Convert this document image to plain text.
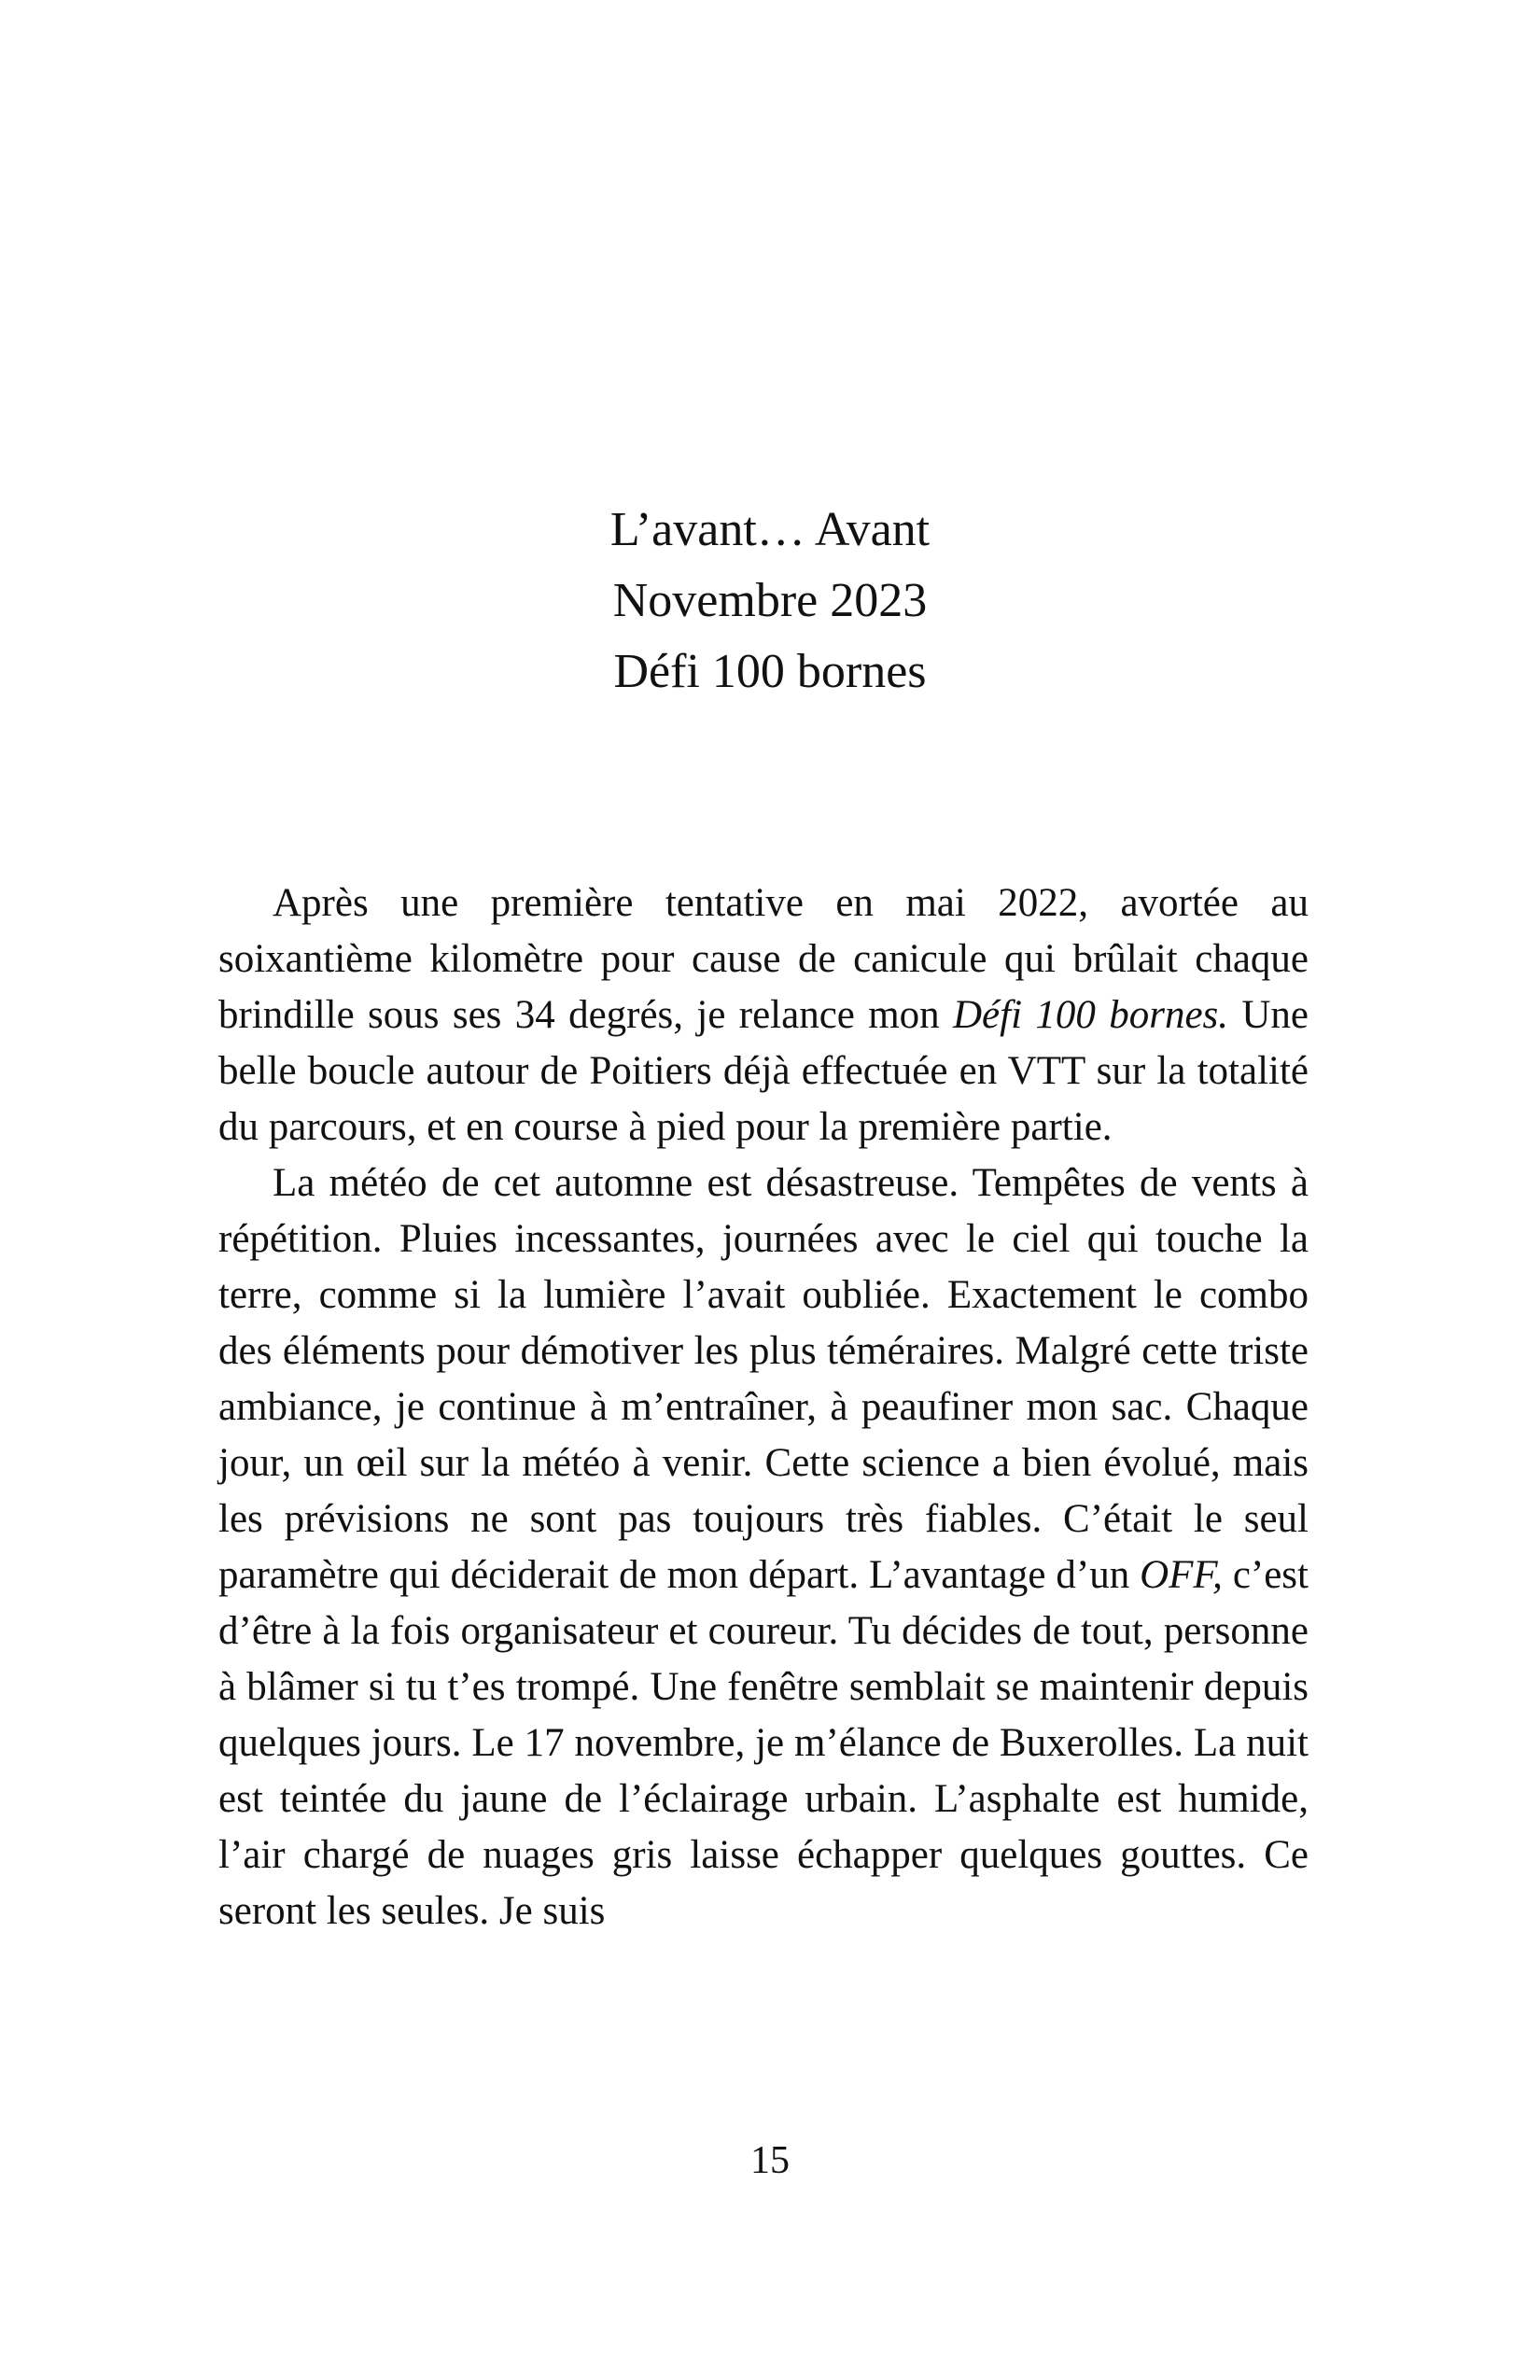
L’avant… Avant
Novembre 2023
Défi 100 bornes

Après une première tentative en mai 2022, avortée au soixantième kilomètre pour cause de canicule qui brûlait chaque brindille sous ses 34 degrés, je relance mon Défi 100 bornes. Une belle boucle autour de Poitiers déjà effectuée en VTT sur la totalité du parcours, et en course à pied pour la première partie.

La météo de cet automne est désastreuse. Tempêtes de vents à répétition. Pluies incessantes, journées avec le ciel qui touche la terre, comme si la lumière l’avait oubliée. Exactement le combo des éléments pour démotiver les plus téméraires. Malgré cette triste ambiance, je continue à m’entraîner, à peaufiner mon sac. Chaque jour, un œil sur la météo à venir. Cette science a bien évolué, mais les prévisions ne sont pas toujours très fiables. C’était le seul paramètre qui déciderait de mon départ. L’avantage d’un OFF, c’est d’être à la fois organisateur et coureur. Tu décides de tout, personne à blâmer si tu t’es trompé. Une fenêtre semblait se maintenir depuis quelques jours. Le 17 novembre, je m’élance de Buxerolles. La nuit est teintée du jaune de l’éclairage urbain. L’asphalte est humide, l’air chargé de nuages gris laisse échapper quelques gouttes. Ce seront les seules. Je suis

15
